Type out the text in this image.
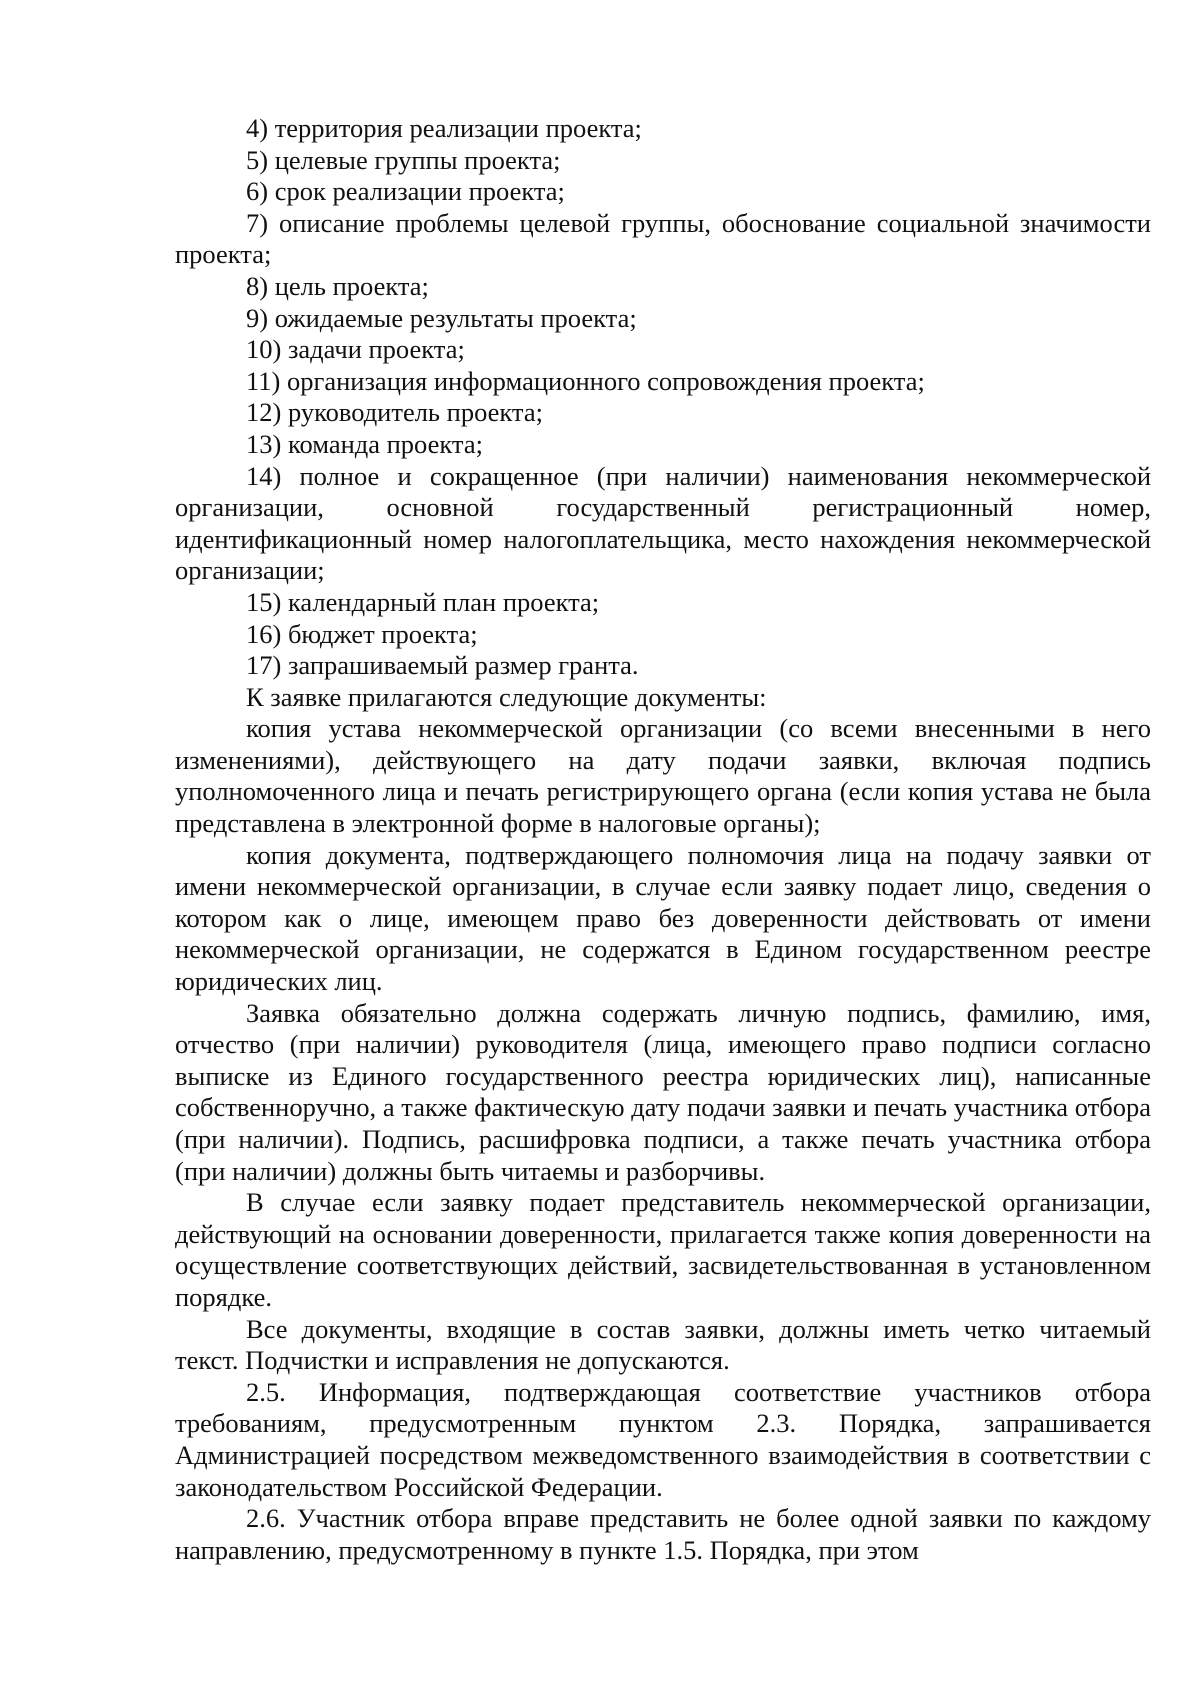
4) территория реализации проекта;

5) целевые группы проекта;

6) срок реализации проекта;

7) описание проблемы целевой группы, обоснование социальной значимости проекта;

8) цель проекта;

9) ожидаемые результаты проекта;

10) задачи проекта;

11) организация информационного сопровождения проекта;

12) руководитель проекта;

13) команда проекта;

14) полное и сокращенное (при наличии) наименования некоммерческой организации, основной государственный регистрационный номер, идентификационный номер налогоплательщика, место нахождения некоммерческой организации;

15) календарный план проекта;

16) бюджет проекта;

17) запрашиваемый размер гранта.

К заявке прилагаются следующие документы:

копия устава некоммерческой организации (со всеми внесенными в него изменениями), действующего на дату подачи заявки, включая подпись уполномоченного лица и печать регистрирующего органа (если копия устава не была представлена в электронной форме в налоговые органы);

копия документа, подтверждающего полномочия лица на подачу заявки от имени некоммерческой организации, в случае если заявку подает лицо, сведения о котором как о лице, имеющем право без доверенности действовать от имени некоммерческой организации, не содержатся в Едином государственном реестре юридических лиц.

Заявка обязательно должна содержать личную подпись, фамилию, имя, отчество (при наличии) руководителя (лица, имеющего право подписи согласно выписке из Единого государственного реестра юридических лиц), написанные собственноручно, а также фактическую дату подачи заявки и печать участника отбора (при наличии). Подпись, расшифровка подписи, а также печать участника отбора (при наличии) должны быть читаемы и разборчивы.

В случае если заявку подает представитель некоммерческой организации, действующий на основании доверенности, прилагается также копия доверенности на осуществление соответствующих действий, засвидетельствованная в установленном порядке.

Все документы, входящие в состав заявки, должны иметь четко читаемый текст. Подчистки и исправления не допускаются.

2.5. Информация, подтверждающая соответствие участников отбора требованиям, предусмотренным пунктом 2.3. Порядка, запрашивается Администрацией посредством межведомственного взаимодействия в соответствии с законодательством Российской Федерации.

2.6. Участник отбора вправе представить не более одной заявки по каждому направлению, предусмотренному в пункте 1.5. Порядка, при этом
